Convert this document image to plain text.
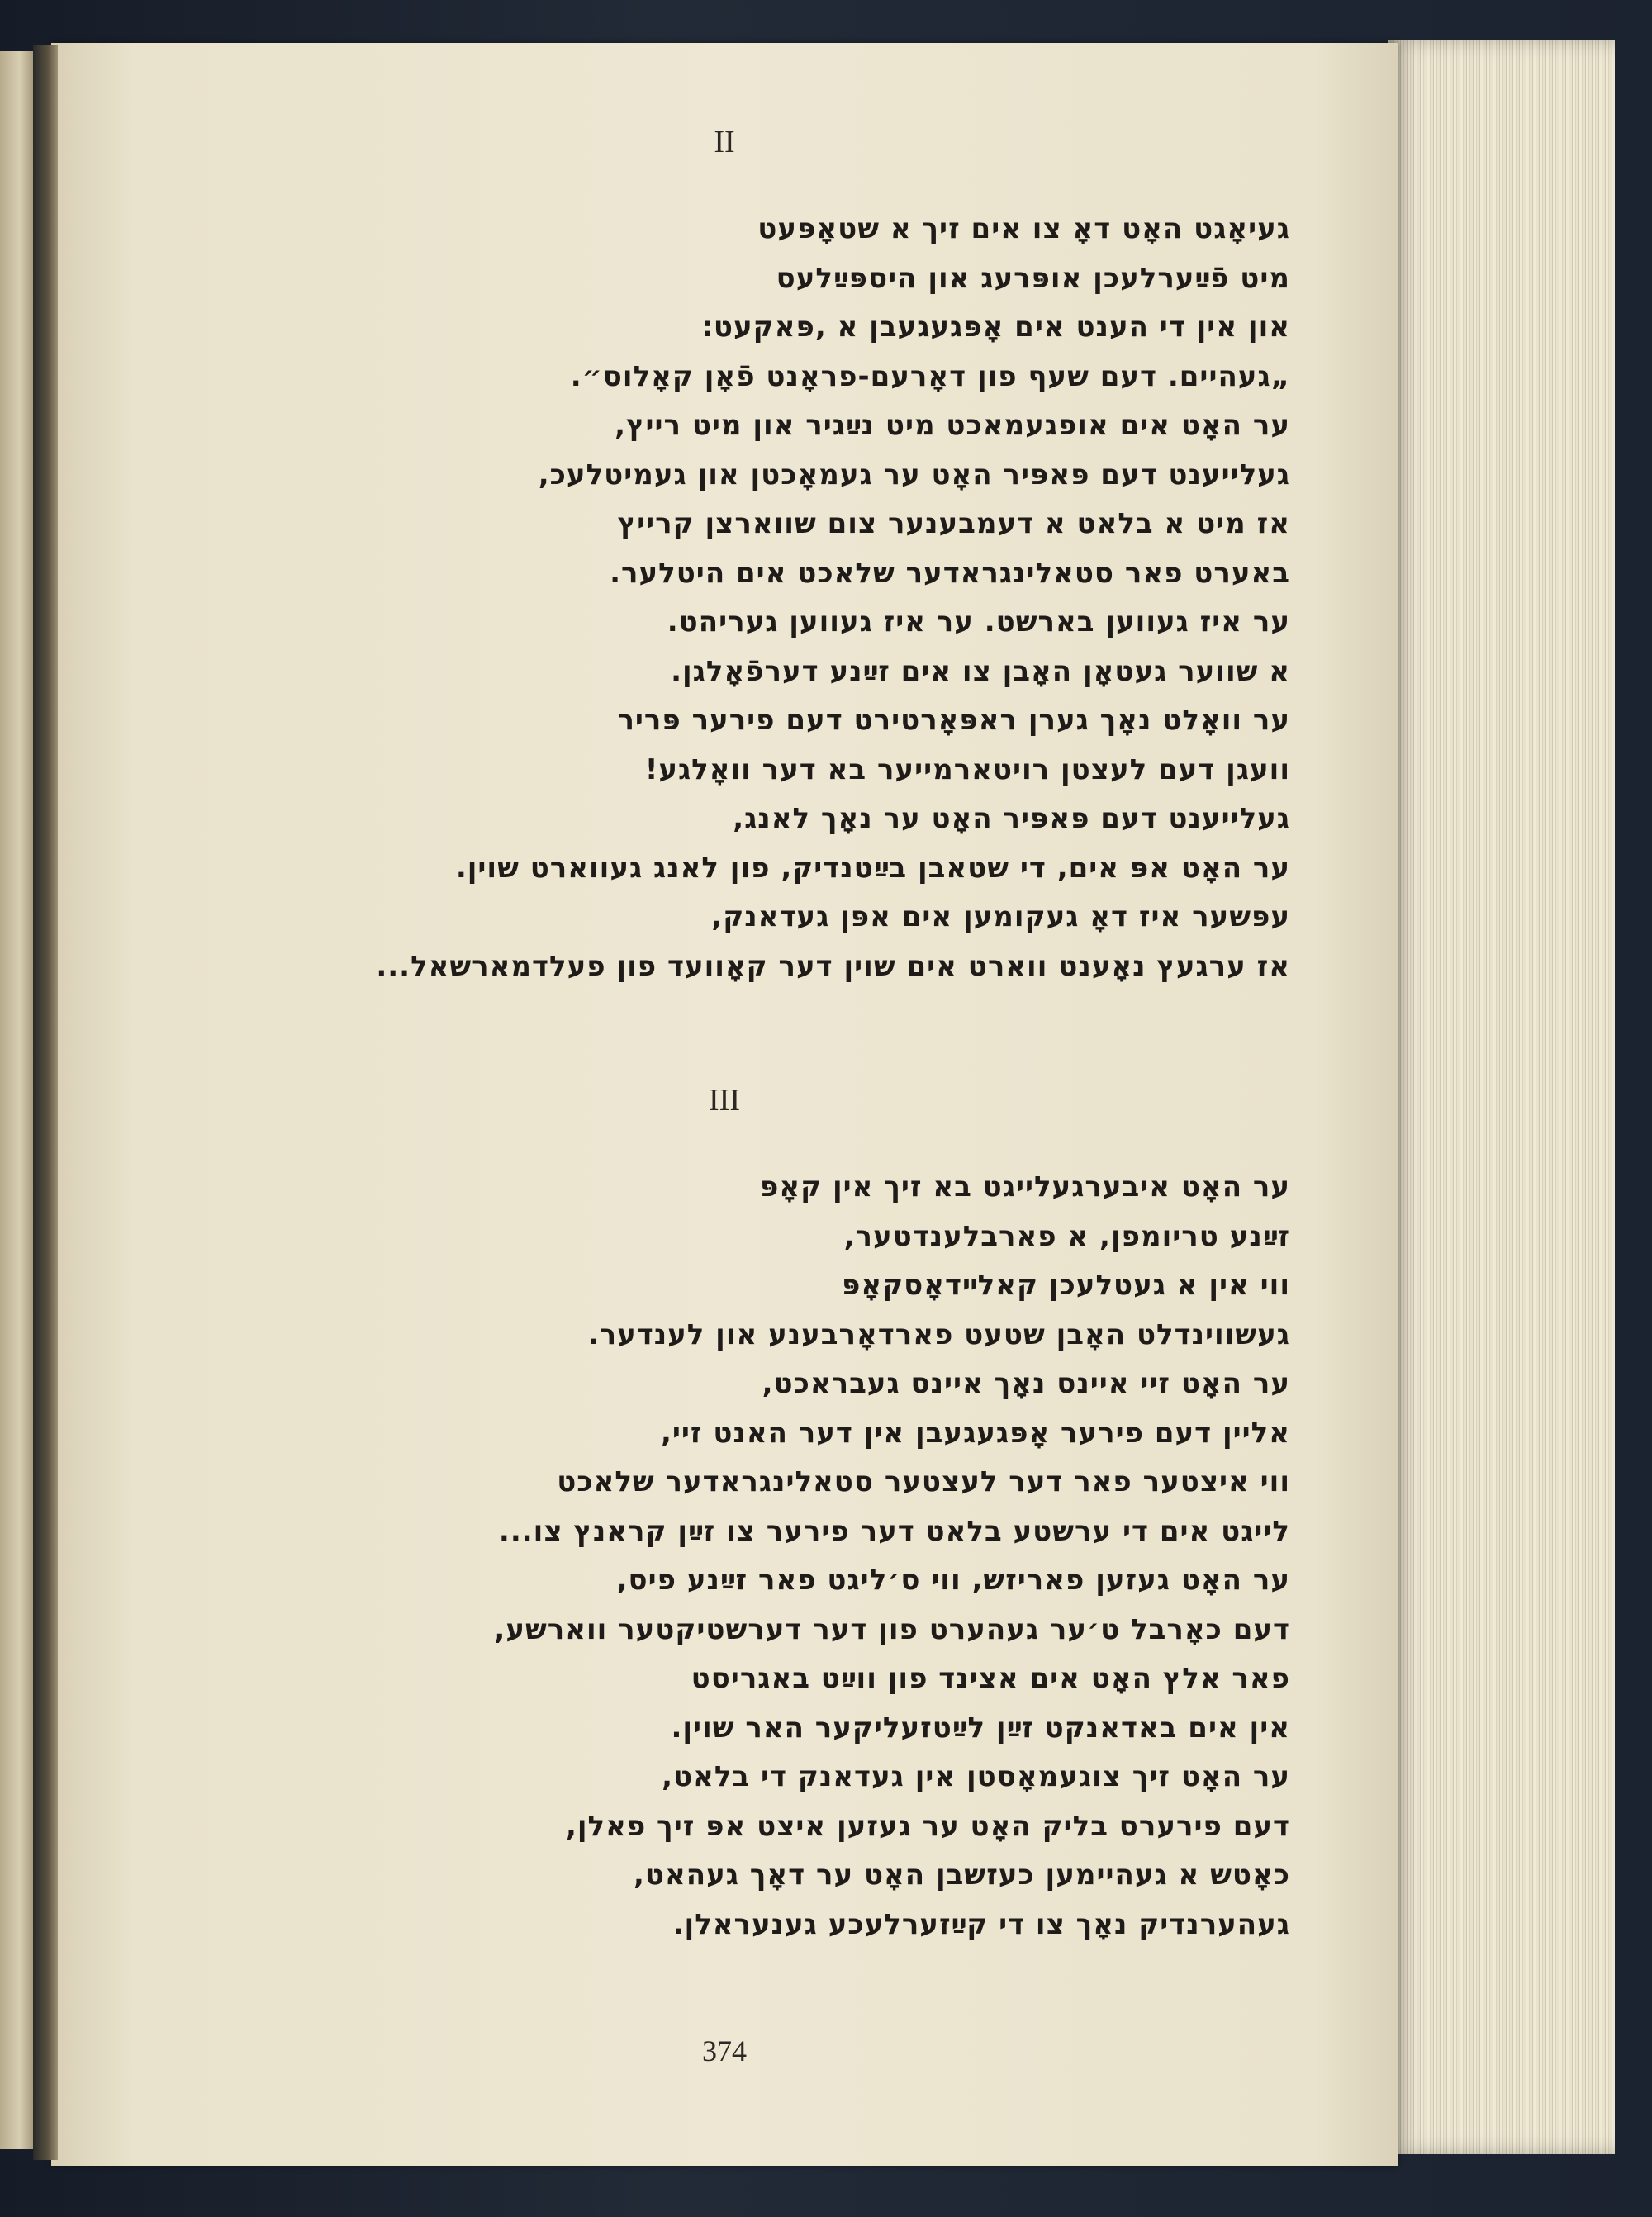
II

געיאָגט האָט דאָ צו אים זיך א שטאָפּעט
מיט פֿײַערלעכן אופּרעג און היספּײַלעס
און אין די הענט אים אָפּגעגעבן א ,פּאקעט:
„געהיים. דעם שעף פון דאָרעם-פראָנט פֿאָן קאָלוס״.
ער האָט אים אופגעמאכט מיט נײַגיר און מיט רייץ,
געלייענט דעם פּאפּיר האָט ער געמאָכטן און געמיטלעכ,
אז מיט א בלאט א דעמבענער צום שווארצן קרייץ
באערט פאר סטאלינגראדער שלאכט אים היטלער.
ער איז געווען בארשט. ער איז געווען געריהט.
א שווער געטאָן האָבן צו אים זײַנע דערפֿאָלגן.
ער וואָלט נאָך גערן ראפּאָרטירט דעם פירער פּריר
וועגן דעם לעצטן רויטארמייער בא דער וואָלגע!
געלייענט דעם פּאפּיר האָט ער נאָך לאנג,
ער האָט אפּ אים, די שטאבן בײַטנדיק, פון לאנג געווארט שוין.
עפּשער איז דאָ געקומען אים אפּן געדאנק,
אז ערגעץ נאָענט ווארט אים שוין דער קאָוועד פון פעלדמארשאל...

III

ער האָט איבערגעלייגט בא זיך אין קאָפּ
זײַנע טריומפן, א פארבלענדטער,
ווי אין א געטלעכן קאלײדאָסקאָפּ
געשווינדלט האָבן שטעט פארדאָרבענע און לענדער.
ער האָט זיי איינס נאָך איינס געבראכט,
אליין דעם פירער אָפּגעגעבן אין דער האנט זיי,
ווי איצטער פאר דער לעצטער סטאלינגראדער שלאכט
לייגט אים די ערשטע בלאט דער פירער צו זײַן קראנץ צו...
ער האָט געזען פאריזש, ווי ס׳ליגט פאר זײַנע פיס,
דעם כאָרבל ט׳ער געהערט פון דער דערשטיקטער ווארשע,
פאר אלץ האָט אים אצינד פון ווײַט באגריסט
אין אים באדאנקט זײַן לײַטזעליקער האר שוין.
ער האָט זיך צוגעמאָסטן אין געדאנק די בלאט,
דעם פירערס בליק האָט ער געזען איצט אפּ זיך פאלן,
כאָטש א געהיימען כעזשבן האָט ער דאָך געהאט,
געהערנדיק נאָך צו די קײַזערלעכע גענעראלן.

374
